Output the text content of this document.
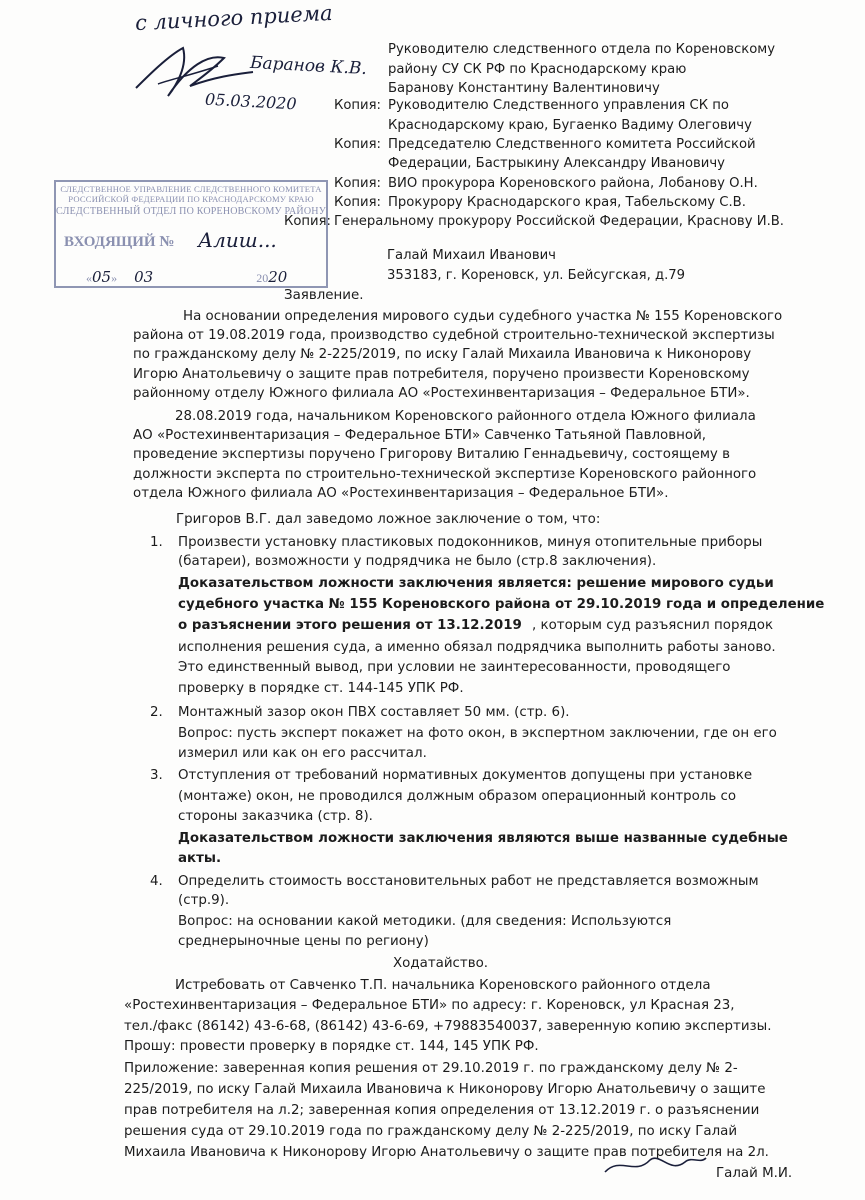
с личного приема
Баранов К.В.
05.03.2020
Руководителю следственного отдела по Кореновскому
району СУ СК РФ по Краснодарскому краю
Баранову Константину Валентиновичу
Копия: Руководителю Следственного управления СК по
Краснодарскому краю, Бугаенко Вадиму Олеговичу
Копия: Председателю Следственного комитета Российской
Федерации, Бастрыкину Александру Ивановичу
Копия: ВИО прокурора Кореновского района, Лобанову О.Н.
Копия: Прокурору Краснодарского края, Табельскому С.В.
Копия: Генеральному прокурору Российской Федерации, Краснову И.В.
СЛЕДСТВЕННОЕ УПРАВЛЕНИЕ СЛЕДСТВЕННОГО КОМИТЕТА
РОССИЙСКОЙ ФЕДЕРАЦИИ ПО КРАСНОДАРСКОМУ КРАЮ
СЛЕДСТВЕННЫЙ ОТДЕЛ ПО КОРЕНОВСКОМУ РАЙОНУ
ВХОДЯЩИЙ № Алиш...
«05» 03	2020
Галай Михаил Иванович
353183, г. Кореновск, ул. Бейсугская, д.79
Заявление.
На основании определения мирового судьи судебного участка № 155 Кореновского
района от 19.08.2019 года, производство судебной строительно-технической экспертизы
по гражданскому делу № 2-225/2019, по иску Галай Михаила Ивановича к Никонорову
Игорю Анатольевичу о защите прав потребителя, поручено произвести Кореновскому
районному отделу Южного филиала АО «Ростехинвентаризация – Федеральное БТИ».
28.08.2019 года, начальником Кореновского районного отдела Южного филиала
АО «Ростехинвентаризация – Федеральное БТИ» Савченко Татьяной Павловной,
проведение экспертизы поручено Григорову Виталию Геннадьевичу, состоящему в
должности эксперта по строительно-технической экспертизе Кореновского районного
отдела Южного филиала АО «Ростехинвентаризация – Федеральное БТИ».
Григоров В.Г. дал заведомо ложное заключение о том, что:
1. Произвести установку пластиковых подоконников, минуя отопительные приборы
(батареи), возможности у подрядчика не было (стр.8 заключения).
Доказательством ложности заключения является: решение мирового судьи
судебного участка № 155 Кореновского района от 29.10.2019 года и определение
о разъяснении этого решения от 13.12.2019 , которым суд разъяснил порядок
исполнения решения суда, а именно обязал подрядчика выполнить работы заново.
Это единственный вывод, при условии не заинтересованности, проводящего
проверку в порядке ст. 144-145 УПК РФ.
2. Монтажный зазор окон ПВХ составляет 50 мм. (стр. 6).
Вопрос: пусть эксперт покажет на фото окон, в экспертном заключении, где он его
измерил или как он его рассчитал.
3. Отступления от требований нормативных документов допущены при установке
(монтаже) окон, не проводился должным образом операционный контроль со
стороны заказчика (стр. 8).
Доказательством ложности заключения являются выше названные судебные
акты.
4. Определить стоимость восстановительных работ не представляется возможным
(стр.9).
Вопрос: на основании какой методики. (для сведения: Используются
среднерыночные цены по региону)
Ходатайство.
Истребовать от Савченко Т.П. начальника Кореновского районного отдела
«Ростехинвентаризация – Федеральное БТИ» по адресу: г. Кореновск, ул Красная 23,
тел./факс (86142) 43-6-68, (86142) 43-6-69, +79883540037, заверенную копию экспертизы.
Прошу: провести проверку в порядке ст. 144, 145 УПК РФ.
Приложение: заверенная копия решения от 29.10.2019 г. по гражданскому делу № 2-
225/2019, по иску Галай Михаила Ивановича к Никонорову Игорю Анатольевичу о защите
прав потребителя на л.2; заверенная копия определения от 13.12.2019 г. о разъяснении
решения суда от 29.10.2019 года по гражданскому делу № 2-225/2019, по иску Галай
Михаила Ивановича к Никонорову Игорю Анатольевичу о защите прав потребителя на 2л.
Галай М.И.
